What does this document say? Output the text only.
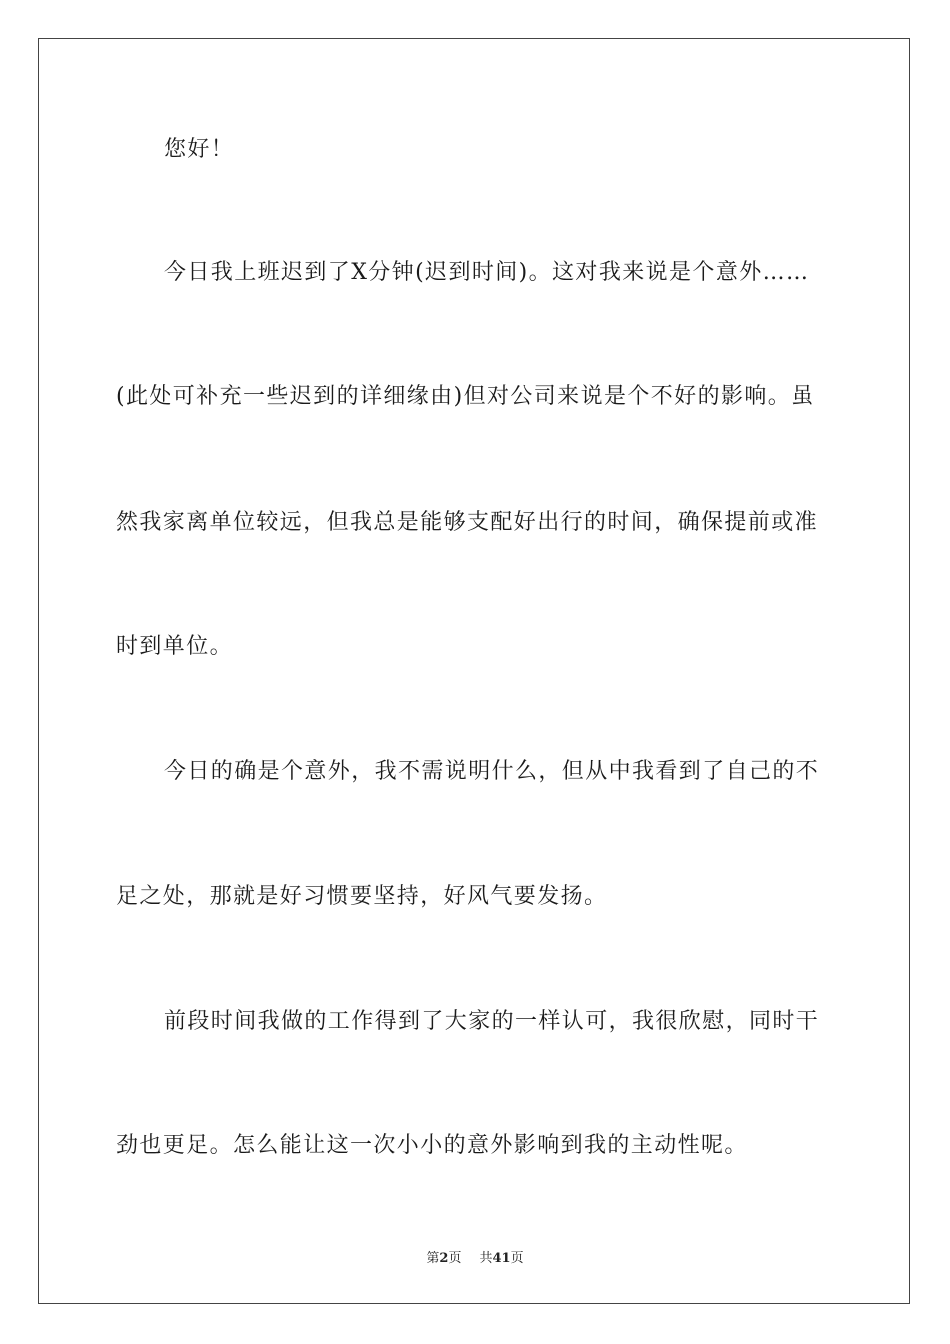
您好！
今日我上班迟到了X分钟(迟到时间)。这对我来说是个意外……
(此处可补充一些迟到的详细缘由)但对公司来说是个不好的影响。虽
然我家离单位较远，但我总是能够支配好出行的时间，确保提前或准
时到单位。
今日的确是个意外，我不需说明什么，但从中我看到了自己的不
足之处，那就是好习惯要坚持，好风气要发扬。
前段时间我做的工作得到了大家的一样认可，我很欣慰，同时干
劲也更足。怎么能让这一次小小的意外影响到我的主动性呢。
第2页 共41页
